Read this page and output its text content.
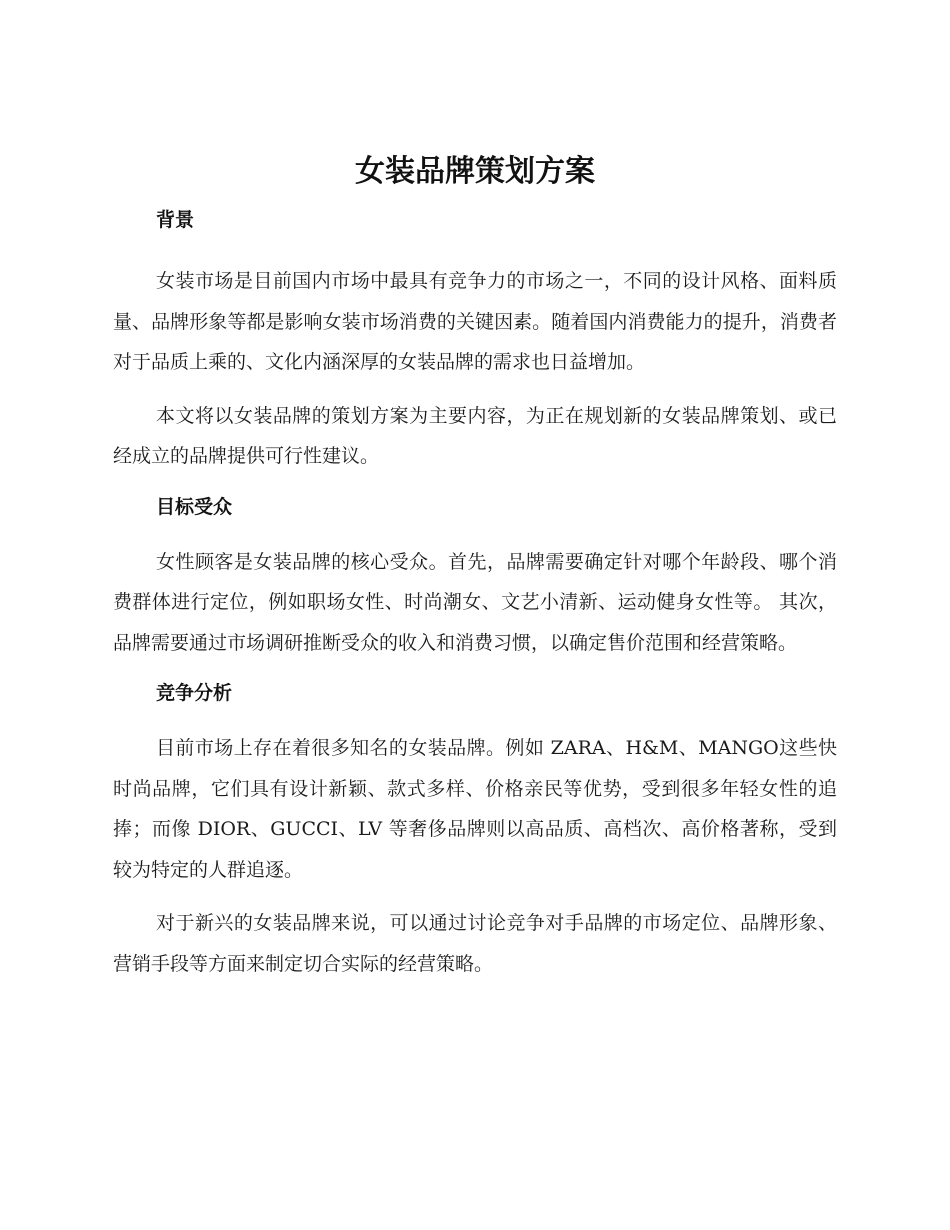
女装品牌策划方案
背景

女装市场是目前国内市场中最具有竞争力的市场之一，不同的设计风格、面料质量、品牌形象等都是影响女装市场消费的关键因素。随着国内消费能力的提升，消费者对于品质上乘的、文化内涵深厚的女装品牌的需求也日益增加。

本文将以女装品牌的策划方案为主要内容，为正在规划新的女装品牌策划、或已经成立的品牌提供可行性建议。

目标受众

女性顾客是女装品牌的核心受众。首先，品牌需要确定针对哪个年龄段、哪个消费群体进行定位，例如职场女性、时尚潮女、文艺小清新、运动健身女性等。 其次，品牌需要通过市场调研推断受众的收入和消费习惯，以确定售价范围和经营策略。

竞争分析

目前市场上存在着很多知名的女装品牌。例如 ZARA、H&M、MANGO这些快时尚品牌，它们具有设计新颖、款式多样、价格亲民等优势，受到很多年轻女性的追捧；而像 DIOR、GUCCI、LV 等奢侈品牌则以高品质、高档次、高价格著称，受到较为特定的人群追逐。

对于新兴的女装品牌来说，可以通过讨论竞争对手品牌的市场定位、品牌形象、营销手段等方面来制定切合实际的经营策略。
